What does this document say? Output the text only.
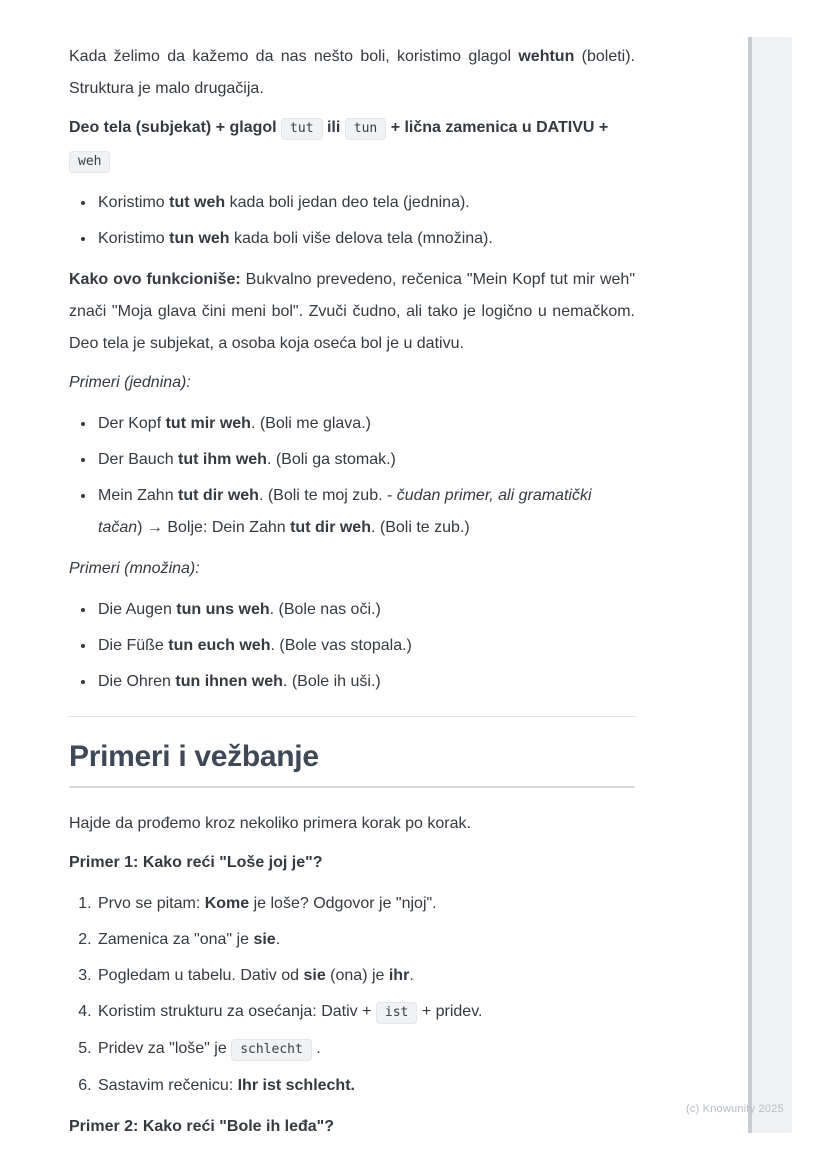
Kada želimo da kažemo da nas nešto boli, koristimo glagol wehtun (boleti). Struktura je malo drugačija.

Deo tela (subjekat) + glagol tut ili tun + lična zamenica u DATIVU +
weh

• Koristimo tut weh kada boli jedan deo tela (jednina).
• Koristimo tun weh kada boli više delova tela (množina).

Kako ovo funkcioniše: Bukvalno prevedeno, rečenica "Mein Kopf tut mir weh" znači "Moja glava čini meni bol". Zvuči čudno, ali tako je logično u nemačkom. Deo tela je subjekat, a osoba koja oseća bol je u dativu.

Primeri (jednina):

• Der Kopf tut mir weh. (Boli me glava.)
• Der Bauch tut ihm weh. (Boli ga stomak.)
• Mein Zahn tut dir weh. (Boli te moj zub. - čudan primer, ali gramatički tačan) → Bolje: Dein Zahn tut dir weh. (Boli te zub.)

Primeri (množina):

• Die Augen tun uns weh. (Bole nas oči.)
• Die Füße tun euch weh. (Bole vas stopala.)
• Die Ohren tun ihnen weh. (Bole ih uši.)
Primeri i vežbanje

Hajde da prođemo kroz nekoliko primera korak po korak.

Primer 1: Kako reći "Loše joj je"?

1. Prvo se pitam: Kome je loše? Odgovor je "njoj".
2. Zamenica za "ona" je sie.
3. Pogledam u tabelu. Dativ od sie (ona) je ihr.
4. Koristim strukturu za osećanja: Dativ + ist + pridev.
5. Pridev za "loše" je schlecht .
6. Sastavim rečenicu: Ihr ist schlecht.

Primer 2: Kako reći "Bole ih leđa"?

(c) Knowunity 2025
